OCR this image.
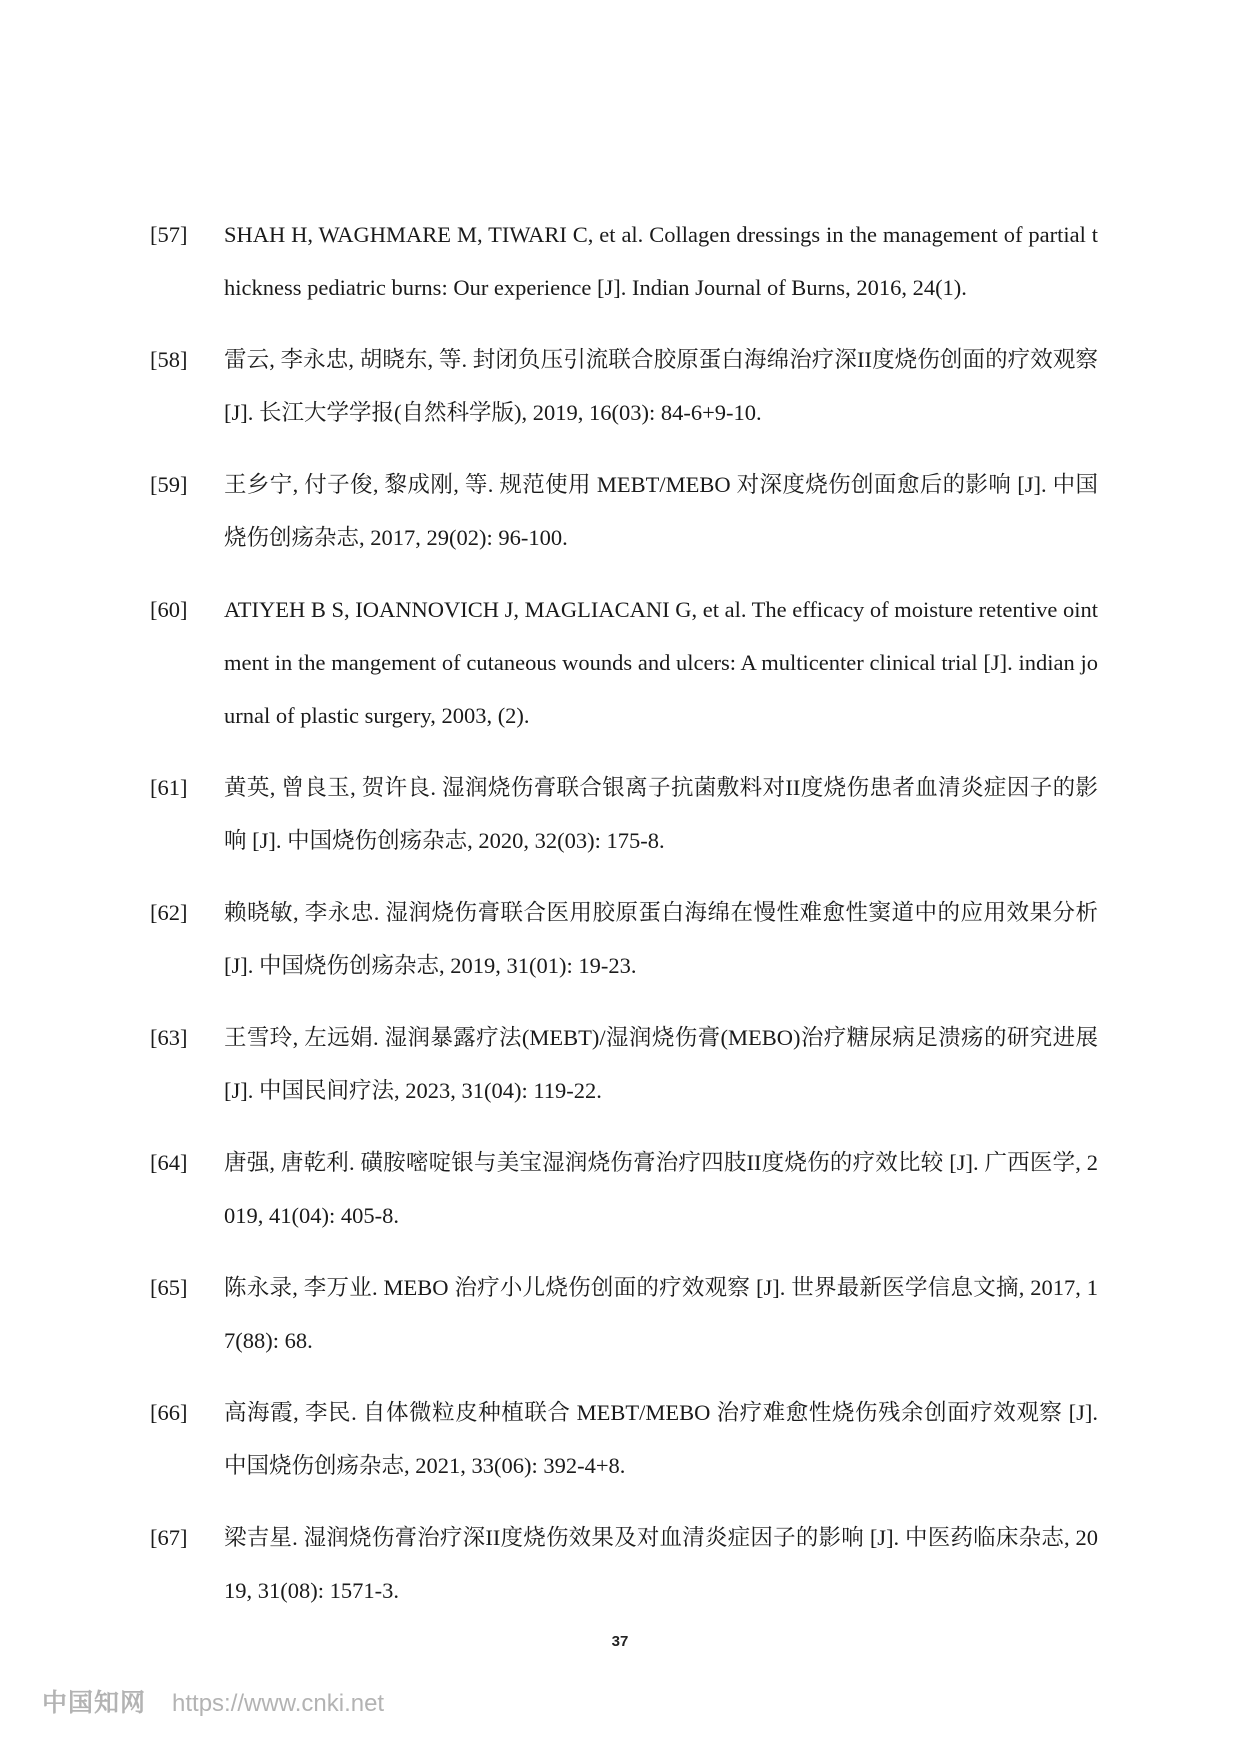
[57] SHAH H, WAGHMARE M, TIWARI C, et al. Collagen dressings in the management of partial thickness pediatric burns: Our experience [J]. Indian Journal of Burns, 2016, 24(1).
[58] 雷云, 李永忠, 胡晓东, 等. 封闭负压引流联合胶原蛋白海绵治疗深II度烧伤创面的疗效观察 [J]. 长江大学学报(自然科学版), 2019, 16(03): 84-6+9-10.
[59] 王乡宁, 付子俊, 黎成刚, 等. 规范使用 MEBT/MEBO 对深度烧伤创面愈后的影响 [J]. 中国烧伤创疡杂志, 2017, 29(02): 96-100.
[60] ATIYEH B S, IOANNOVICH J, MAGLIACANI G, et al. The efficacy of moisture retentive ointment in the mangement of cutaneous wounds and ulcers: A multicenter clinical trial [J]. indian journal of plastic surgery, 2003, (2).
[61] 黄英, 曾良玉, 贺许良. 湿润烧伤膏联合银离子抗菌敷料对II度烧伤患者血清炎症因子的影响 [J]. 中国烧伤创疡杂志, 2020, 32(03): 175-8.
[62] 赖晓敏, 李永忠. 湿润烧伤膏联合医用胶原蛋白海绵在慢性难愈性窦道中的应用效果分析 [J]. 中国烧伤创疡杂志, 2019, 31(01): 19-23.
[63] 王雪玲, 左远娟. 湿润暴露疗法(MEBT)/湿润烧伤膏(MEBO)治疗糖尿病足溃疡的研究进展 [J]. 中国民间疗法, 2023, 31(04): 119-22.
[64] 唐强, 唐乾利. 磺胺嘧啶银与美宝湿润烧伤膏治疗四肢II度烧伤的疗效比较 [J]. 广西医学, 2019, 41(04): 405-8.
[65] 陈永录, 李万业. MEBO 治疗小儿烧伤创面的疗效观察 [J]. 世界最新医学信息文摘, 2017, 17(88): 68.
[66] 高海霞, 李民. 自体微粒皮种植联合 MEBT/MEBO 治疗难愈性烧伤残余创面疗效观察 [J]. 中国烧伤创疡杂志, 2021, 33(06): 392-4+8.
[67] 梁吉星. 湿润烧伤膏治疗深II度烧伤效果及对血清炎症因子的影响 [J]. 中医药临床杂志, 2019, 31(08): 1571-3.
37
中国知网 https://www.cnki.net
